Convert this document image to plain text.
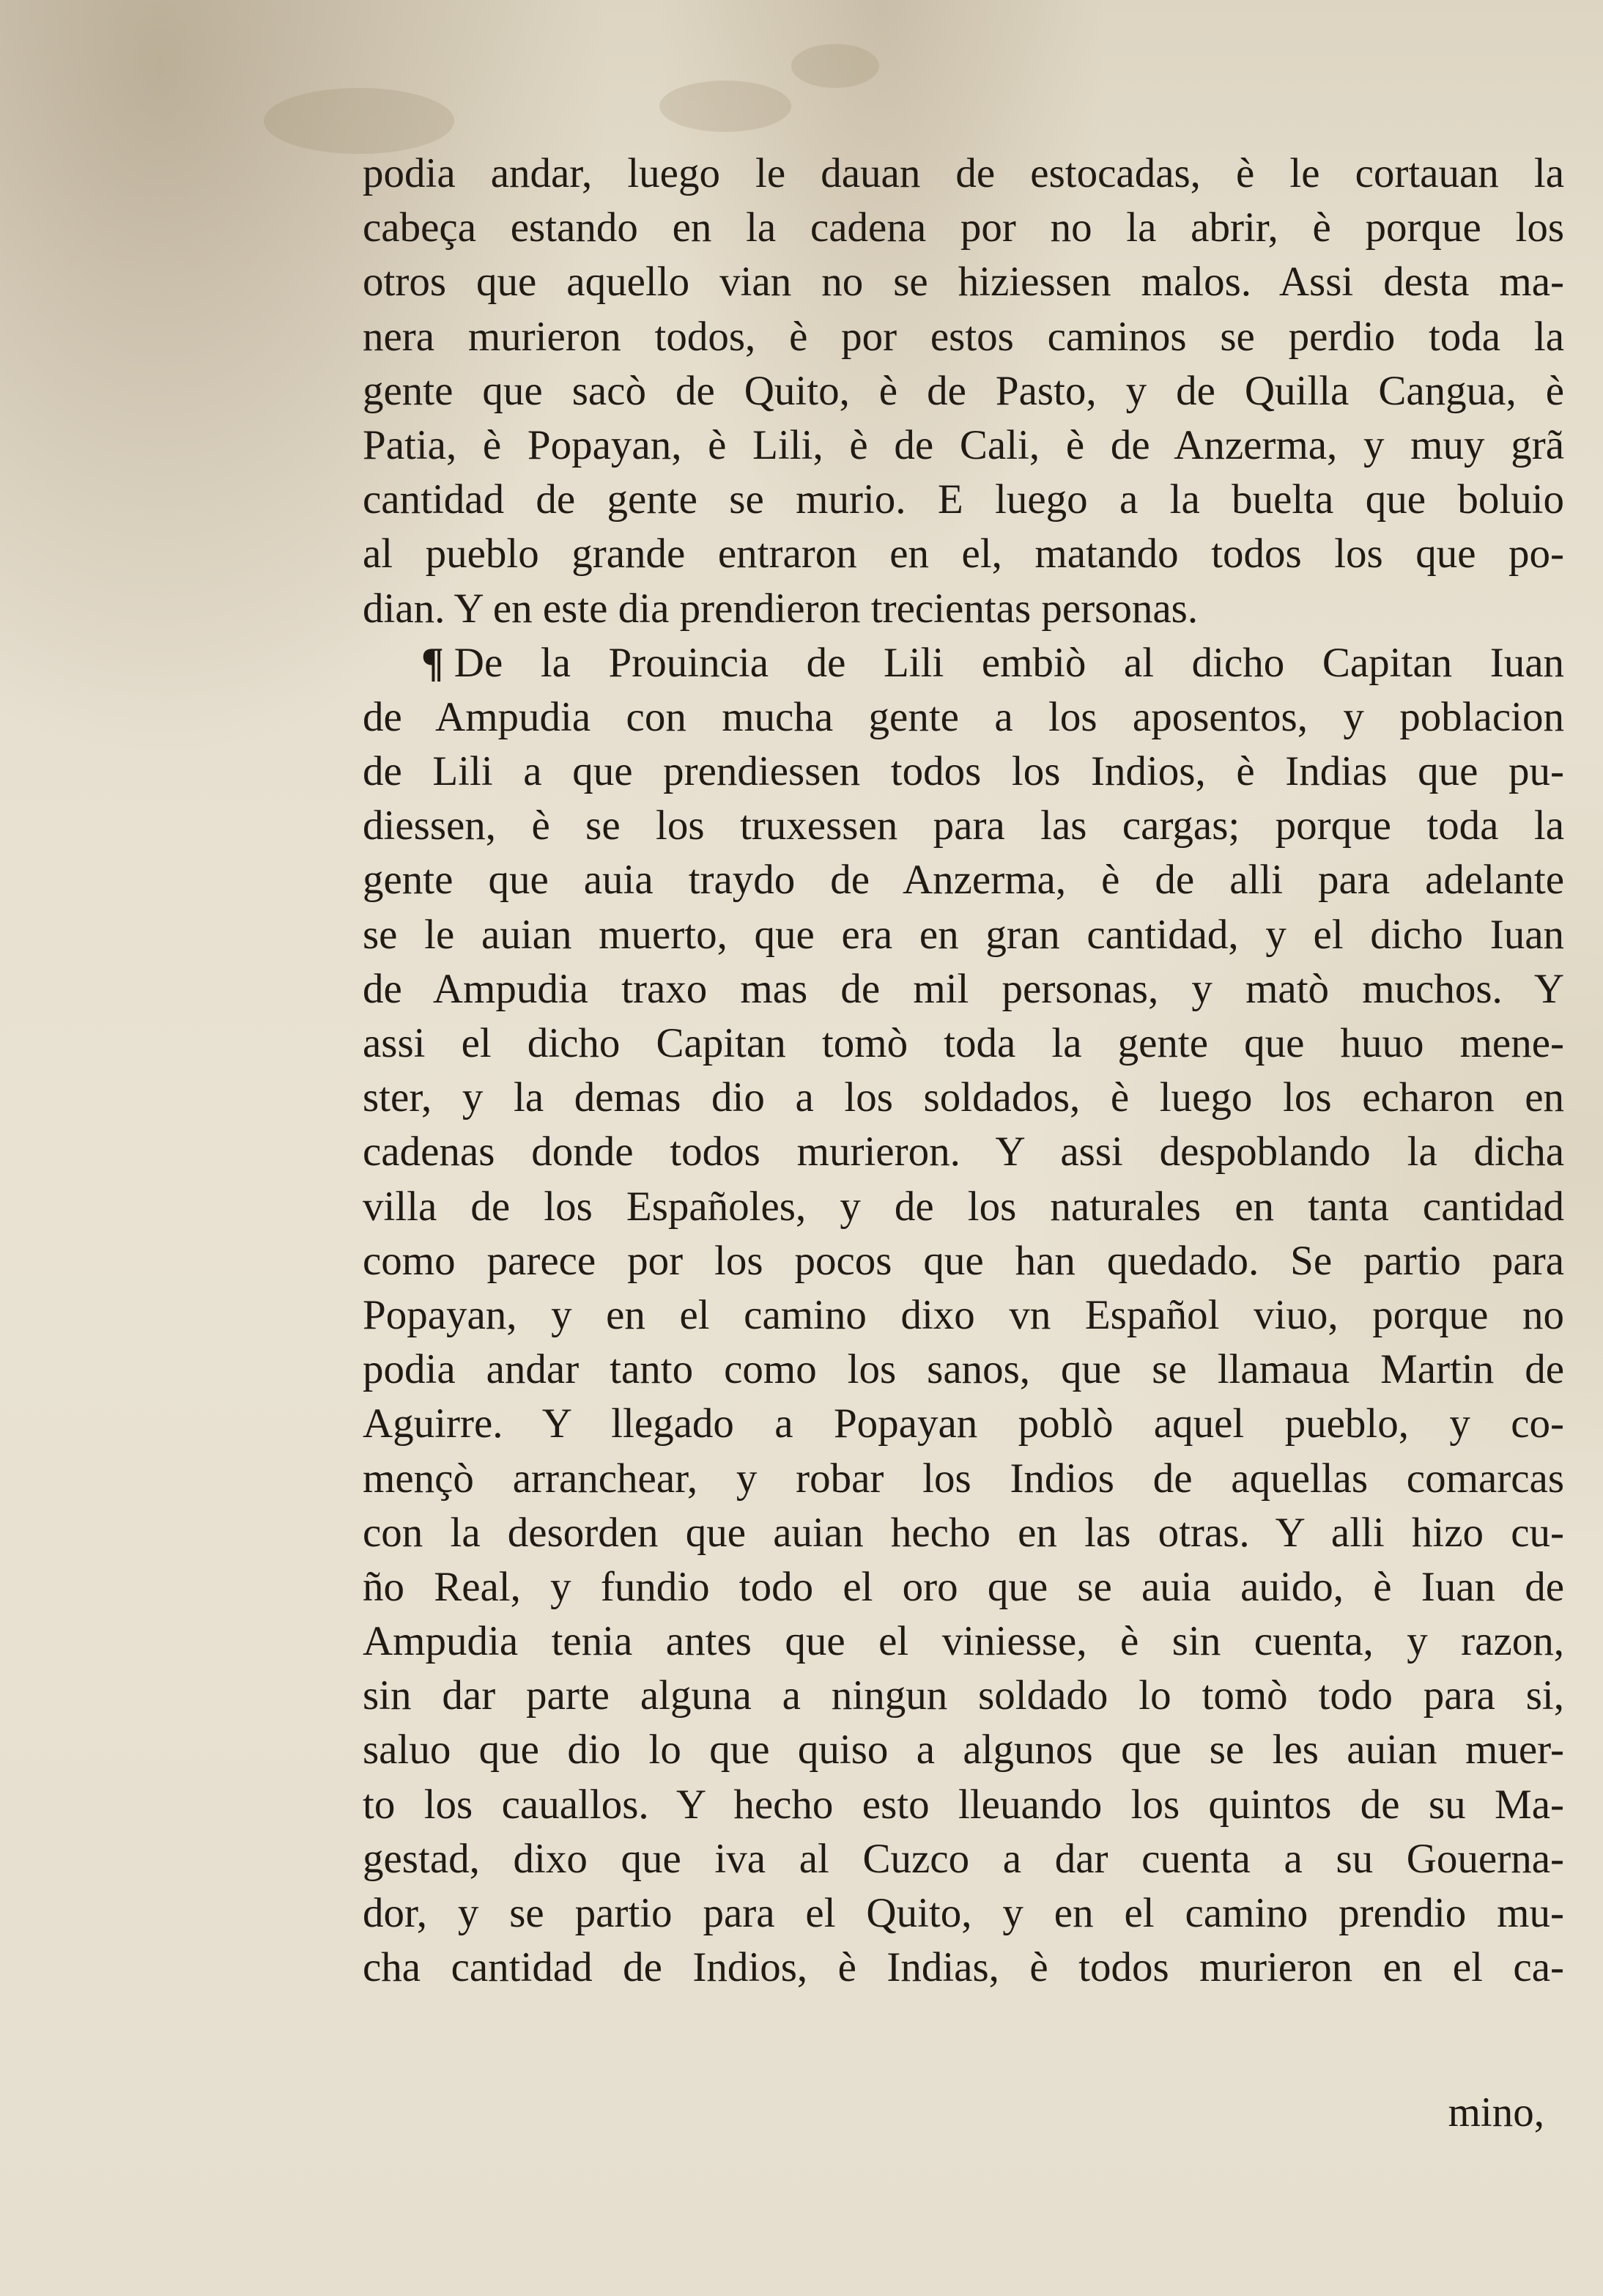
podia andar, luego le dauan de estocadas, è le cortauan la
cabeça estando en la cadena por no la abrir, è porque los
otros que aquello vian no se hiziessen malos. Assi desta ma-
nera murieron todos, è por estos caminos se perdio toda la
gente que sacò de Quito, è de Pasto, y de Quilla Cangua, è
Patia, è Popayan, è Lili, è de Cali, è de Anzerma, y muy grã
cantidad de gente se murio. E luego a la buelta que boluio
al pueblo grande entraron en el, matando todos los que po-
dian. Y en este dia prendieron trecientas personas.
¶ De la Prouincia de Lili embiò al dicho Capitan Iuan
de Ampudia con mucha gente a los aposentos, y poblacion
de Lili a que prendiessen todos los Indios, è Indias que pu-
diessen, è se los truxessen para las cargas; porque toda la
gente que auia traydo de Anzerma, è de alli para adelante
se le auian muerto, que era en gran cantidad, y el dicho Iuan
de Ampudia traxo mas de mil personas, y matò muchos. Y
assi el dicho Capitan tomò toda la gente que huuo mene-
ster, y la demas dio a los soldados, è luego los echaron en
cadenas donde todos murieron. Y assi despoblando la dicha
villa de los Españoles, y de los naturales en tanta cantidad
como parece por los pocos que han quedado. Se partio para
Popayan, y en el camino dixo vn Español viuo, porque no
podia andar tanto como los sanos, que se llamaua Martin de
Aguirre. Y llegado a Popayan poblò aquel pueblo, y co-
mençò arranchear, y robar los Indios de aquellas comarcas
con la desorden que auian hecho en las otras. Y alli hizo cu-
ño Real, y fundio todo el oro que se auia auido, è Iuan de
Ampudia tenia antes que el viniesse, è sin cuenta, y razon,
sin dar parte alguna a ningun soldado lo tomò todo para si,
saluo que dio lo que quiso a algunos que se les auian muer-
to los cauallos. Y hecho esto lleuando los quintos de su Ma-
gestad, dixo que iva al Cuzco a dar cuenta a su Gouerna-
dor, y se partio para el Quito, y en el camino prendio mu-
cha cantidad de Indios, è Indias, è todos murieron en el ca-
mino,
